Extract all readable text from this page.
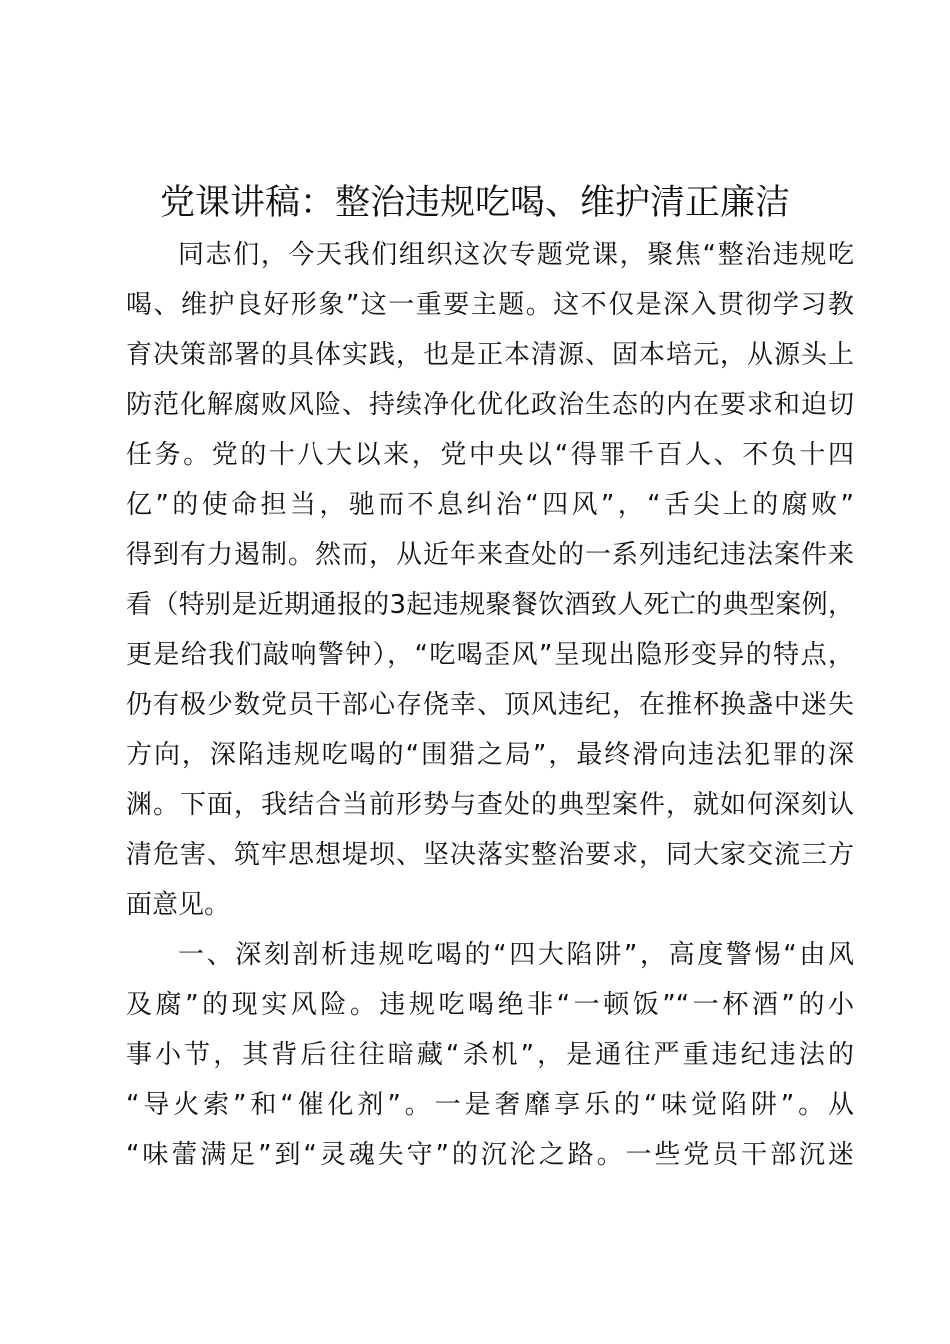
党课讲稿：整治违规吃喝、维护清正廉洁
同志们，今天我们组织这次专题党课，聚焦“整治违规吃
喝、维护良好形象”这一重要主题。这不仅是深入贯彻学习教
育决策部署的具体实践，也是正本清源、固本培元，从源头上
防范化解腐败风险、持续净化优化政治生态的内在要求和迫切
任务。党的十八大以来，党中央以“得罪千百人、不负十四
亿”的使命担当，驰而不息纠治“四风”，“舌尖上的腐败”
得到有力遏制。然而，从近年来查处的一系列违纪违法案件来
看（特别是近期通报的3起违规聚餐饮酒致人死亡的典型案例，
更是给我们敲响警钟），“吃喝歪风”呈现出隐形变异的特点，
仍有极少数党员干部心存侥幸、顶风违纪，在推杯换盏中迷失
方向，深陷违规吃喝的“围猎之局”，最终滑向违法犯罪的深
渊。下面，我结合当前形势与查处的典型案件，就如何深刻认
清危害、筑牢思想堤坝、坚决落实整治要求，同大家交流三方
面意见。
一、深刻剖析违规吃喝的“四大陷阱”，高度警惕“由风
及腐”的现实风险。违规吃喝绝非“一顿饭”“一杯酒”的小
事小节，其背后往往暗藏“杀机”，是通往严重违纪违法的
“导火索”和“催化剂”。一是奢靡享乐的“味觉陷阱”。从
“味蕾满足”到“灵魂失守”的沉沦之路。一些党员干部沉迷
